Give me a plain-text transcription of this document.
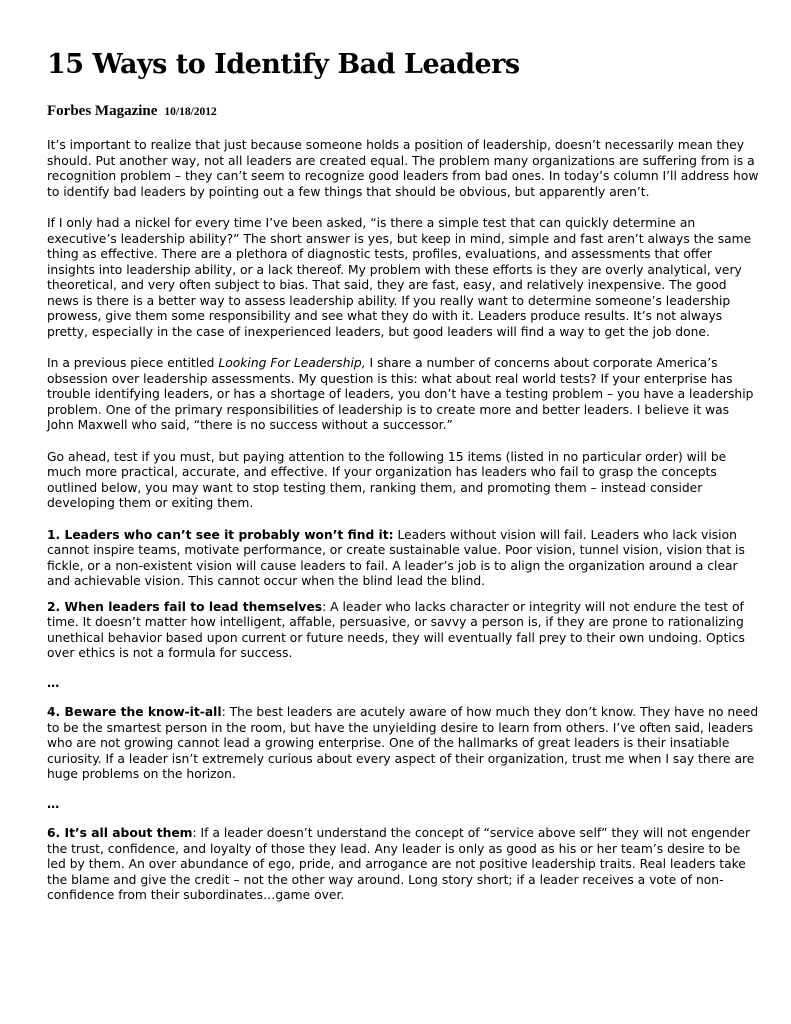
15 Ways to Identify Bad Leaders
Forbes Magazine 10/18/2012

It’s important to realize that just because someone holds a position of leadership, doesn’t necessarily mean they should. Put another way, not all leaders are created equal. The problem many organizations are suffering from is a recognition problem – they can’t seem to recognize good leaders from bad ones. In today’s column I’ll address how to identify bad leaders by pointing out a few things that should be obvious, but apparently aren’t.

If I only had a nickel for every time I’ve been asked, “is there a simple test that can quickly determine an executive’s leadership ability?” The short answer is yes, but keep in mind, simple and fast aren’t always the same thing as effective. There are a plethora of diagnostic tests, profiles, evaluations, and assessments that offer insights into leadership ability, or a lack thereof. My problem with these efforts is they are overly analytical, very theoretical, and very often subject to bias. That said, they are fast, easy, and relatively inexpensive. The good news is there is a better way to assess leadership ability. If you really want to determine someone’s leadership prowess, give them some responsibility and see what they do with it. Leaders produce results. It’s not always pretty, especially in the case of inexperienced leaders, but good leaders will find a way to get the job done.

In a previous piece entitled Looking For Leadership, I share a number of concerns about corporate America’s obsession over leadership assessments. My question is this: what about real world tests? If your enterprise has trouble identifying leaders, or has a shortage of leaders, you don’t have a testing problem – you have a leadership problem. One of the primary responsibilities of leadership is to create more and better leaders. I believe it was John Maxwell who said, “there is no success without a successor.”

Go ahead, test if you must, but paying attention to the following 15 items (listed in no particular order) will be much more practical, accurate, and effective. If your organization has leaders who fail to grasp the concepts outlined below, you may want to stop testing them, ranking them, and promoting them – instead consider developing them or exiting them.

1. Leaders who can’t see it probably won’t find it: Leaders without vision will fail. Leaders who lack vision cannot inspire teams, motivate performance, or create sustainable value. Poor vision, tunnel vision, vision that is fickle, or a non-existent vision will cause leaders to fail. A leader’s job is to align the organization around a clear and achievable vision. This cannot occur when the blind lead the blind.

2. When leaders fail to lead themselves: A leader who lacks character or integrity will not endure the test of time. It doesn’t matter how intelligent, affable, persuasive, or savvy a person is, if they are prone to rationalizing unethical behavior based upon current or future needs, they will eventually fall prey to their own undoing. Optics over ethics is not a formula for success.

…

4. Beware the know-it-all: The best leaders are acutely aware of how much they don’t know. They have no need to be the smartest person in the room, but have the unyielding desire to learn from others. I’ve often said, leaders who are not growing cannot lead a growing enterprise. One of the hallmarks of great leaders is their insatiable curiosity. If a leader isn’t extremely curious about every aspect of their organization, trust me when I say there are huge problems on the horizon.

…

6. It’s all about them: If a leader doesn’t understand the concept of “service above self” they will not engender the trust, confidence, and loyalty of those they lead. Any leader is only as good as his or her team’s desire to be led by them. An over abundance of ego, pride, and arrogance are not positive leadership traits. Real leaders take the blame and give the credit – not the other way around. Long story short; if a leader receives a vote of non-confidence from their subordinates…game over.
